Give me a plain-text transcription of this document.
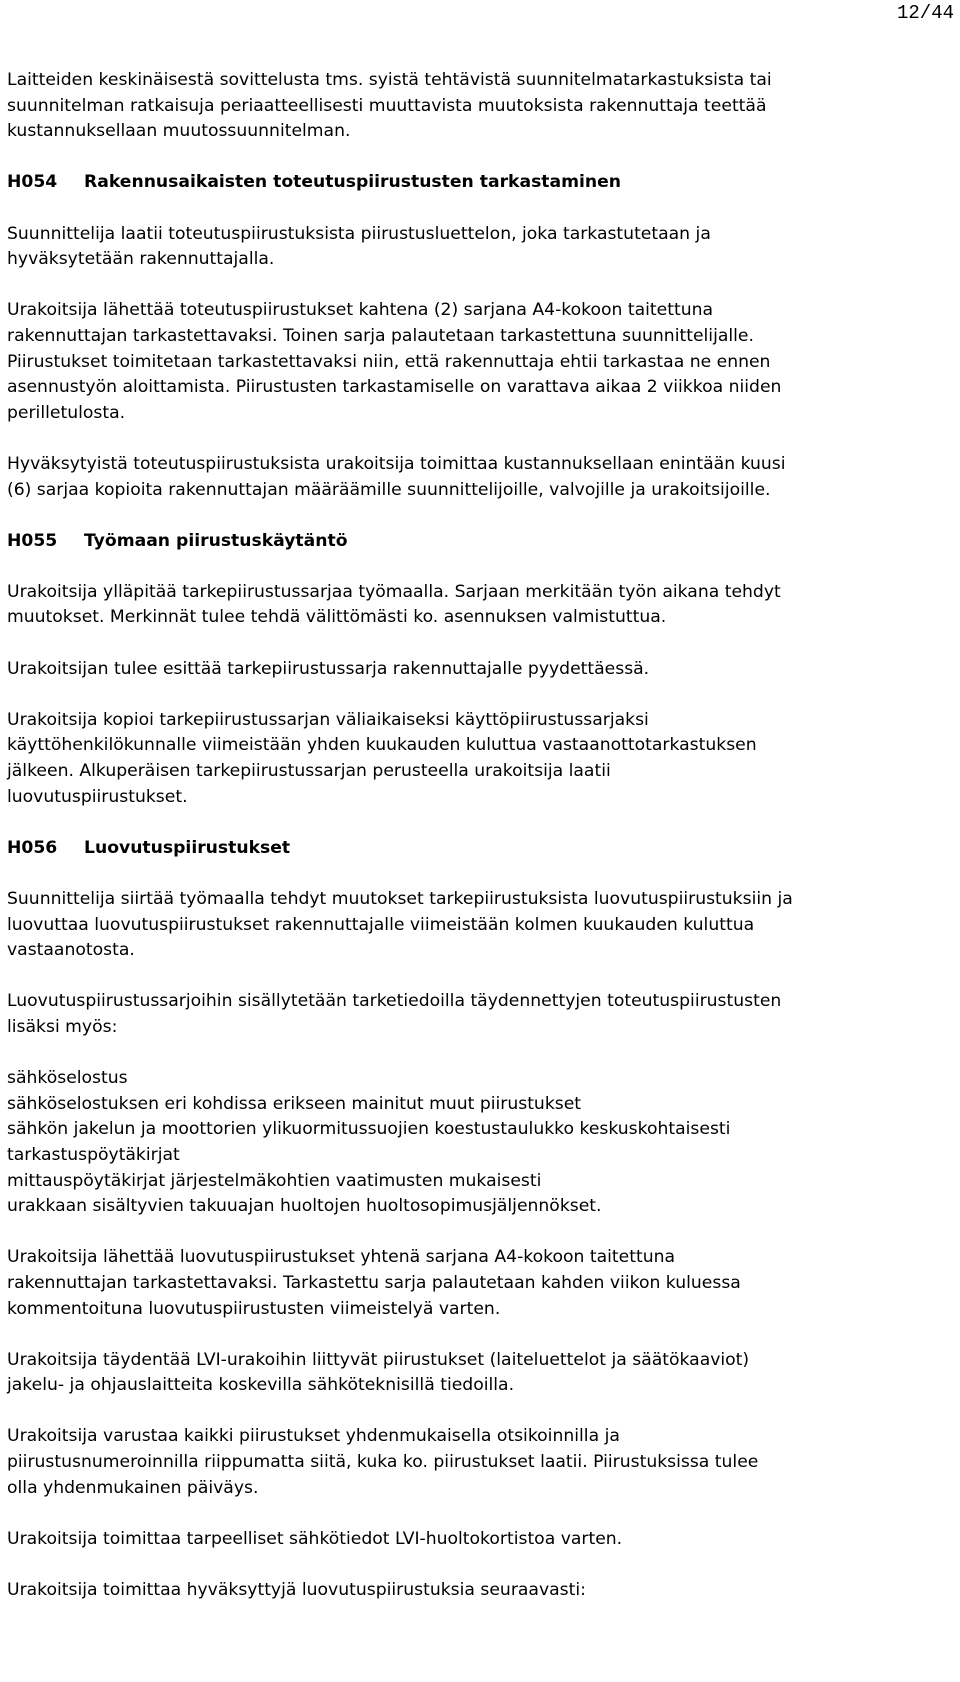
12/44
Laitteiden keskinäisestä sovittelusta tms. syistä tehtävistä suunnitelmatarkastuksista tai
suunnitelman ratkaisuja periaatteellisesti muuttavista muutoksista rakennuttaja teettää
kustannuksellaan muutossuunnitelman.
H054 Rakennusaikaisten toteutuspiirustusten tarkastaminen
Suunnittelija laatii toteutuspiirustuksista piirustusluettelon, joka tarkastutetaan ja
hyväksytetään rakennuttajalla.
Urakoitsija lähettää toteutuspiirustukset kahtena (2) sarjana A4-kokoon taitettuna
rakennuttajan tarkastettavaksi. Toinen sarja palautetaan tarkastettuna suunnittelijalle.
Piirustukset toimitetaan tarkastettavaksi niin, että rakennuttaja ehtii tarkastaa ne ennen
asennustyön aloittamista. Piirustusten tarkastamiselle on varattava aikaa 2 viikkoa niiden
perilletulosta.
Hyväksytyistä toteutuspiirustuksista urakoitsija toimittaa kustannuksellaan enintään kuusi
(6) sarjaa kopioita rakennuttajan määräämille suunnittelijoille, valvojille ja urakoitsijoille.
H055 Työmaan piirustuskäytäntö
Urakoitsija ylläpitää tarkepiirustussarjaa työmaalla. Sarjaan merkitään työn aikana tehdyt
muutokset. Merkinnät tulee tehdä välittömästi ko. asennuksen valmistuttua.
Urakoitsijan tulee esittää tarkepiirustussarja rakennuttajalle pyydettäessä.
Urakoitsija kopioi tarkepiirustussarjan väliaikaiseksi käyttöpiirustussarjaksi
käyttöhenkilökunnalle viimeistään yhden kuukauden kuluttua vastaanottotarkastuksen
jälkeen. Alkuperäisen tarkepiirustussarjan perusteella urakoitsija laatii
luovutuspiirustukset.
H056 Luovutuspiirustukset
Suunnittelija siirtää työmaalla tehdyt muutokset tarkepiirustuksista luovutuspiirustuksiin ja
luovuttaa luovutuspiirustukset rakennuttajalle viimeistään kolmen kuukauden kuluttua
vastaanotosta.
Luovutuspiirustussarjoihin sisällytetään tarketiedoilla täydennettyjen toteutuspiirustusten
lisäksi myös:
sähköselostus
sähköselostuksen eri kohdissa erikseen mainitut muut piirustukset
sähkön jakelun ja moottorien ylikuormitussuojien koestustaulukko keskuskohtaisesti
tarkastuspöytäkirjat
mittauspöytäkirjat järjestelmäkohtien vaatimusten mukaisesti
urakkaan sisältyvien takuuajan huoltojen huoltosopimusjäljennökset.
Urakoitsija lähettää luovutuspiirustukset yhtenä sarjana A4-kokoon taitettuna
rakennuttajan tarkastettavaksi. Tarkastettu sarja palautetaan kahden viikon kuluessa
kommentoituna luovutuspiirustusten viimeistelyä varten.
Urakoitsija täydentää LVI-urakoihin liittyvät piirustukset (laiteluettelot ja säätökaaviot)
jakelu- ja ohjauslaitteita koskevilla sähköteknisillä tiedoilla.
Urakoitsija varustaa kaikki piirustukset yhdenmukaisella otsikoinnilla ja
piirustusnumeroinnilla riippumatta siitä, kuka ko. piirustukset laatii. Piirustuksissa tulee
olla yhdenmukainen päiväys.
Urakoitsija toimittaa tarpeelliset sähkötiedot LVI-huoltokortistoa varten.
Urakoitsija toimittaa hyväksyttyjä luovutuspiirustuksia seuraavasti:
